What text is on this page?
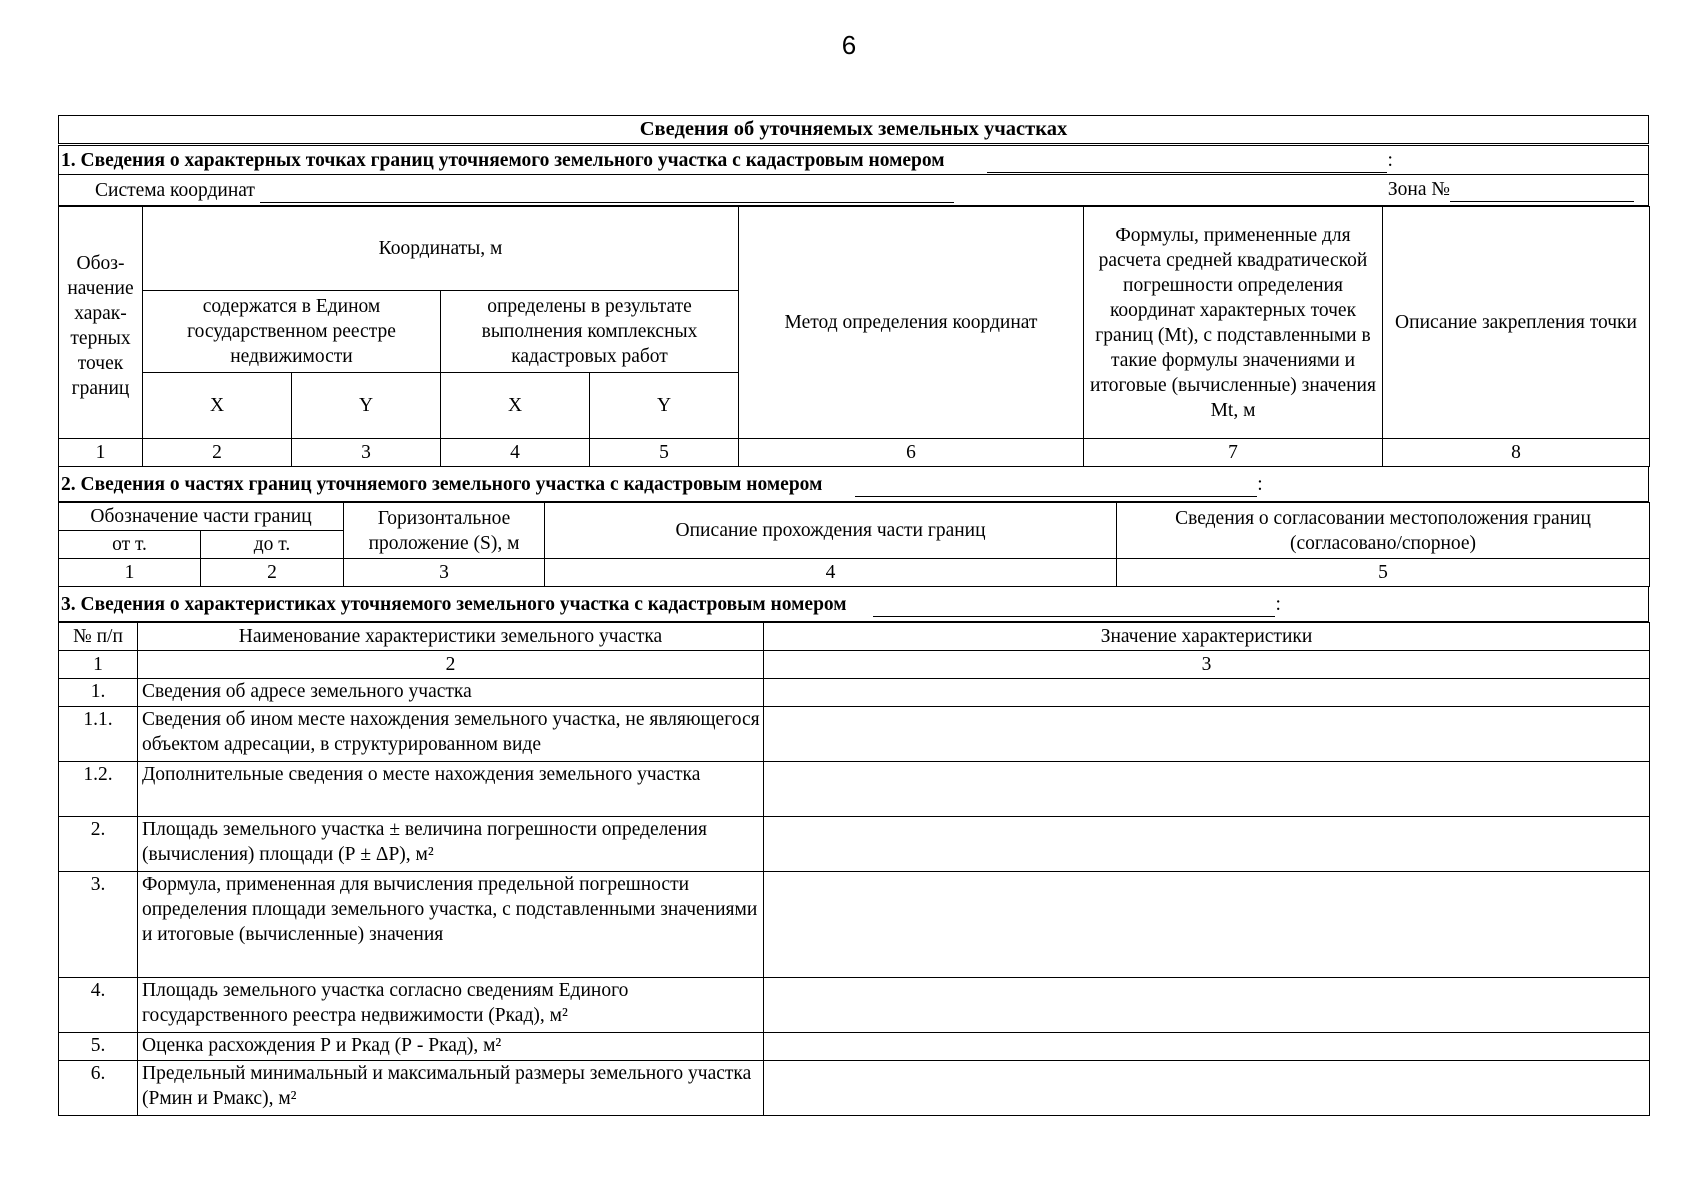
6
Сведения об уточняемых земельных участках
1. Сведения о характерных точках границ уточняемого земельного участка с кадастровым номером	:
Система координат	Зона №
Обоз-начение харак-терных точек границ	Координаты, м				Метод определения координат	Формулы, примененные для расчета средней квадратической погрешности определения координат характерных точек границ (Mt), с подставленными в такие формулы значениями и итоговые (вычисленные) значения Mt, м	Описание закрепления точки
	содержатся в Едином государственном реестре недвижимости		определены в результате выполнения комплексных кадастровых работ				
	X	Y	X	Y			
1	2	3	4	5	6	7	8
2. Сведения о частях границ уточняемого земельного участка с кадастровым номером	:
Обозначение части границ		Горизонтальное проложение (S), м	Описание прохождения части границ	Сведения о согласовании местоположения границ (согласовано/спорное)
от т.	до т.			
1	2	3	4	5
3. Сведения о характеристиках уточняемого земельного участка с кадастровым номером	:
№ п/п	Наименование характеристики земельного участка	Значение характеристики
1	2	3
1.	Сведения об адресе земельного участка	
1.1.	Сведения об ином месте нахождения земельного участка, не являющегося объектом адресации, в структурированном виде	
1.2.	Дополнительные сведения о месте нахождения земельного участка	
2.	Площадь земельного участка ± величина погрешности определения (вычисления) площади (Р ± ΔР), м²	
3.	Формула, примененная для вычисления предельной погрешности определения площади земельного участка, с подставленными значениями и итоговые (вычисленные) значения	
4.	Площадь земельного участка согласно сведениям Единого государственного реестра недвижимости (Ркад), м²	
5.	Оценка расхождения Р и Ркад (Р - Ркад), м²	
6.	Предельный минимальный и максимальный размеры земельного участка (Рмин и Рмакс), м²	
